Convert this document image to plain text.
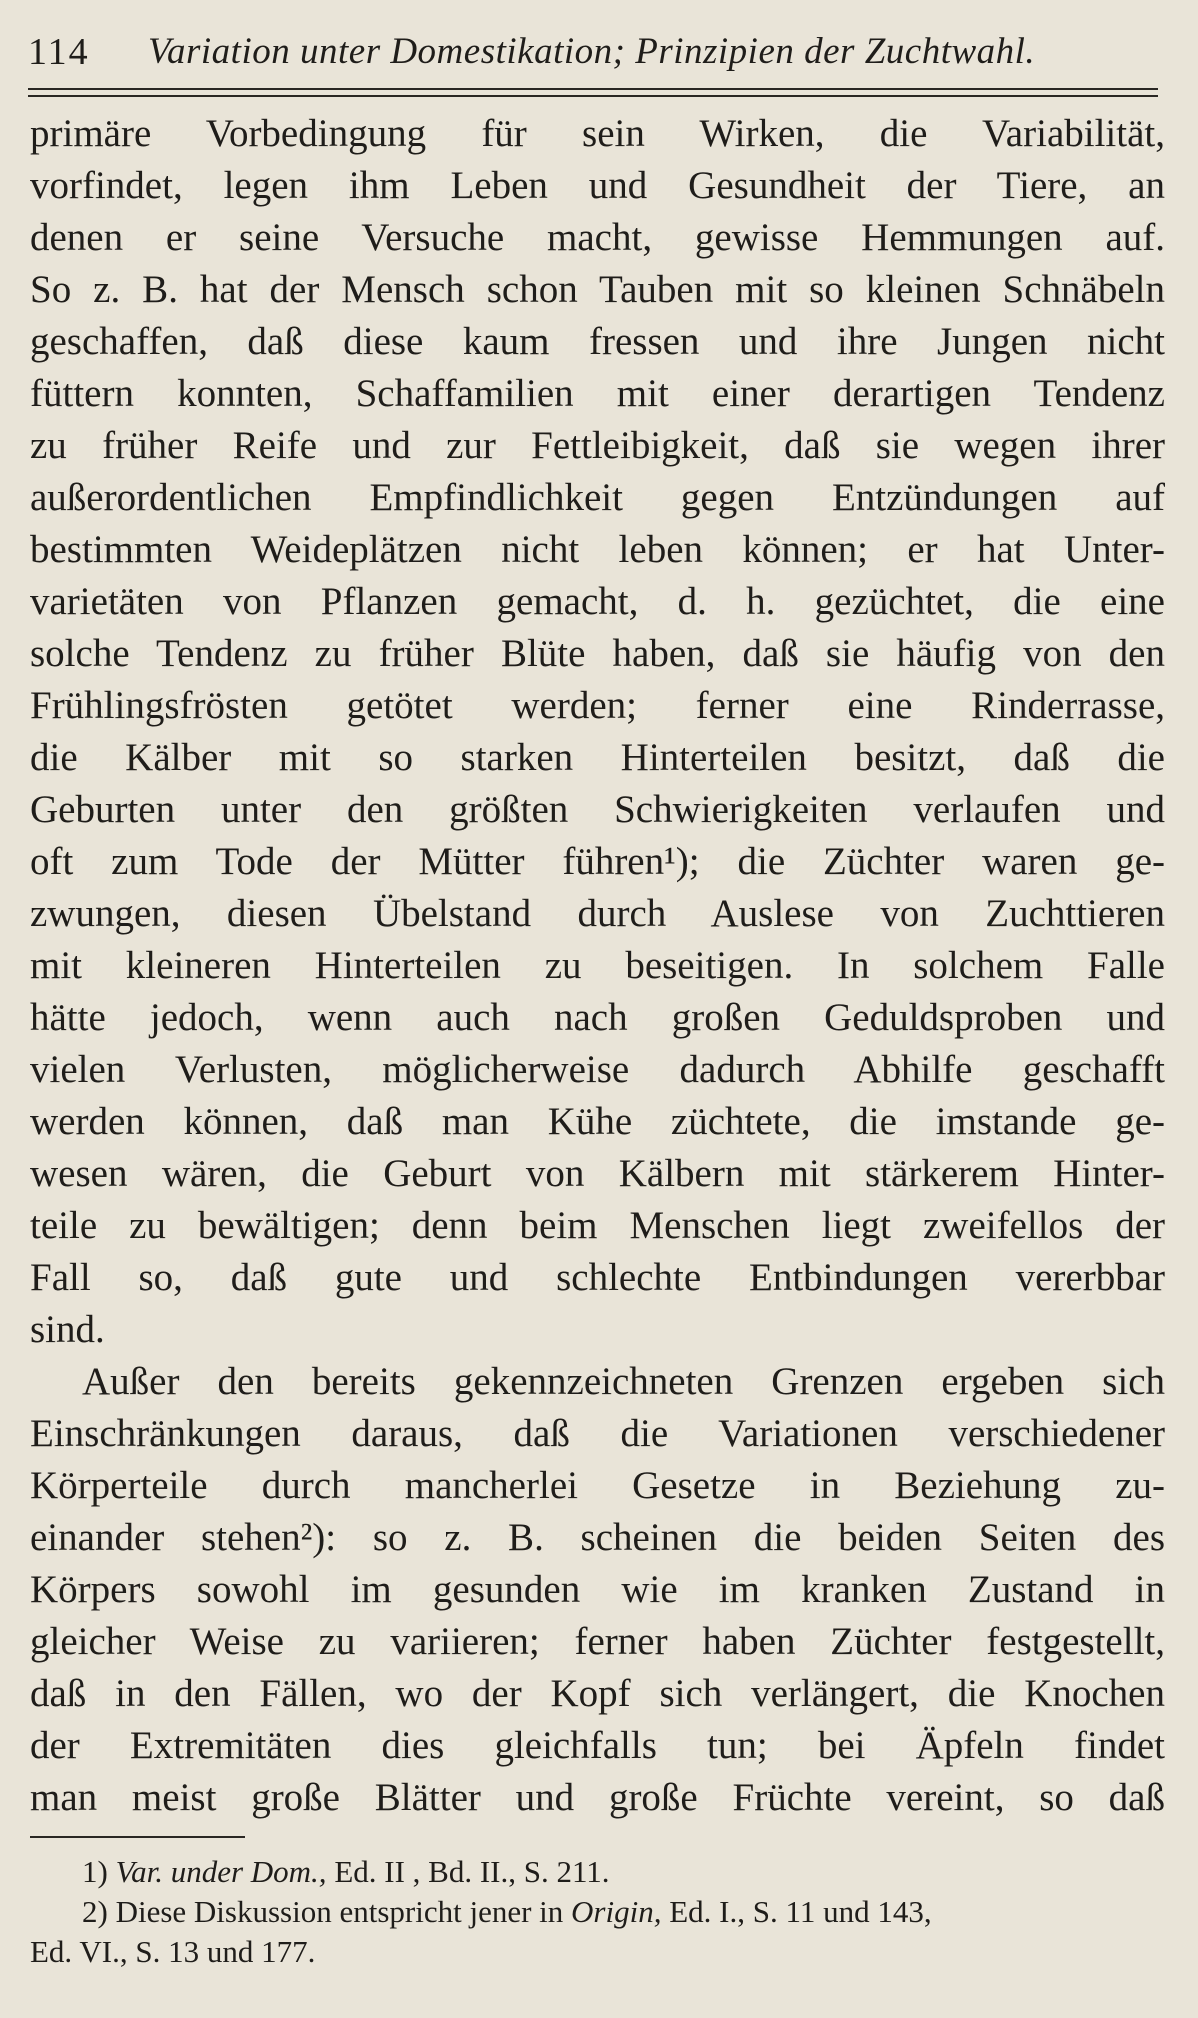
114 Variation unter Domestikation; Prinzipien der Zuchtwahl.
primäre Vorbedingung für sein Wirken, die Variabilität,
vorfindet, legen ihm Leben und Gesundheit der Tiere, an
denen er seine Versuche macht, gewisse Hemmungen auf.
So z. B. hat der Mensch schon Tauben mit so kleinen Schnäbeln
geschaffen, daß diese kaum fressen und ihre Jungen nicht
füttern konnten, Schaffamilien mit einer derartigen Tendenz
zu früher Reife und zur Fettleibigkeit, daß sie wegen ihrer
außerordentlichen Empfindlichkeit gegen Entzündungen auf
bestimmten Weideplätzen nicht leben können; er hat Unter-
varietäten von Pflanzen gemacht, d. h. gezüchtet, die eine
solche Tendenz zu früher Blüte haben, daß sie häufig von den
Frühlingsfrösten getötet werden; ferner eine Rinderrasse,
die Kälber mit so starken Hinterteilen besitzt, daß die
Geburten unter den größten Schwierigkeiten verlaufen und
oft zum Tode der Mütter führen¹); die Züchter waren ge-
zwungen, diesen Übelstand durch Auslese von Zuchttieren
mit kleineren Hinterteilen zu beseitigen. In solchem Falle
hätte jedoch, wenn auch nach großen Geduldsproben und
vielen Verlusten, möglicherweise dadurch Abhilfe geschafft
werden können, daß man Kühe züchtete, die imstande ge-
wesen wären, die Geburt von Kälbern mit stärkerem Hinter-
teile zu bewältigen; denn beim Menschen liegt zweifellos der
Fall so, daß gute und schlechte Entbindungen vererbbar
sind.
Außer den bereits gekennzeichneten Grenzen ergeben sich
Einschränkungen daraus, daß die Variationen verschiedener
Körperteile durch mancherlei Gesetze in Beziehung zu-
einander stehen²): so z. B. scheinen die beiden Seiten des
Körpers sowohl im gesunden wie im kranken Zustand in
gleicher Weise zu variieren; ferner haben Züchter festgestellt,
daß in den Fällen, wo der Kopf sich verlängert, die Knochen
der Extremitäten dies gleichfalls tun; bei Äpfeln findet
man meist große Blätter und große Früchte vereint, so daß
1) Var. under Dom., Ed. II , Bd. II., S. 211.
2) Diese Diskussion entspricht jener in Origin, Ed. I., S. 11 und 143,
Ed. VI., S. 13 und 177.
